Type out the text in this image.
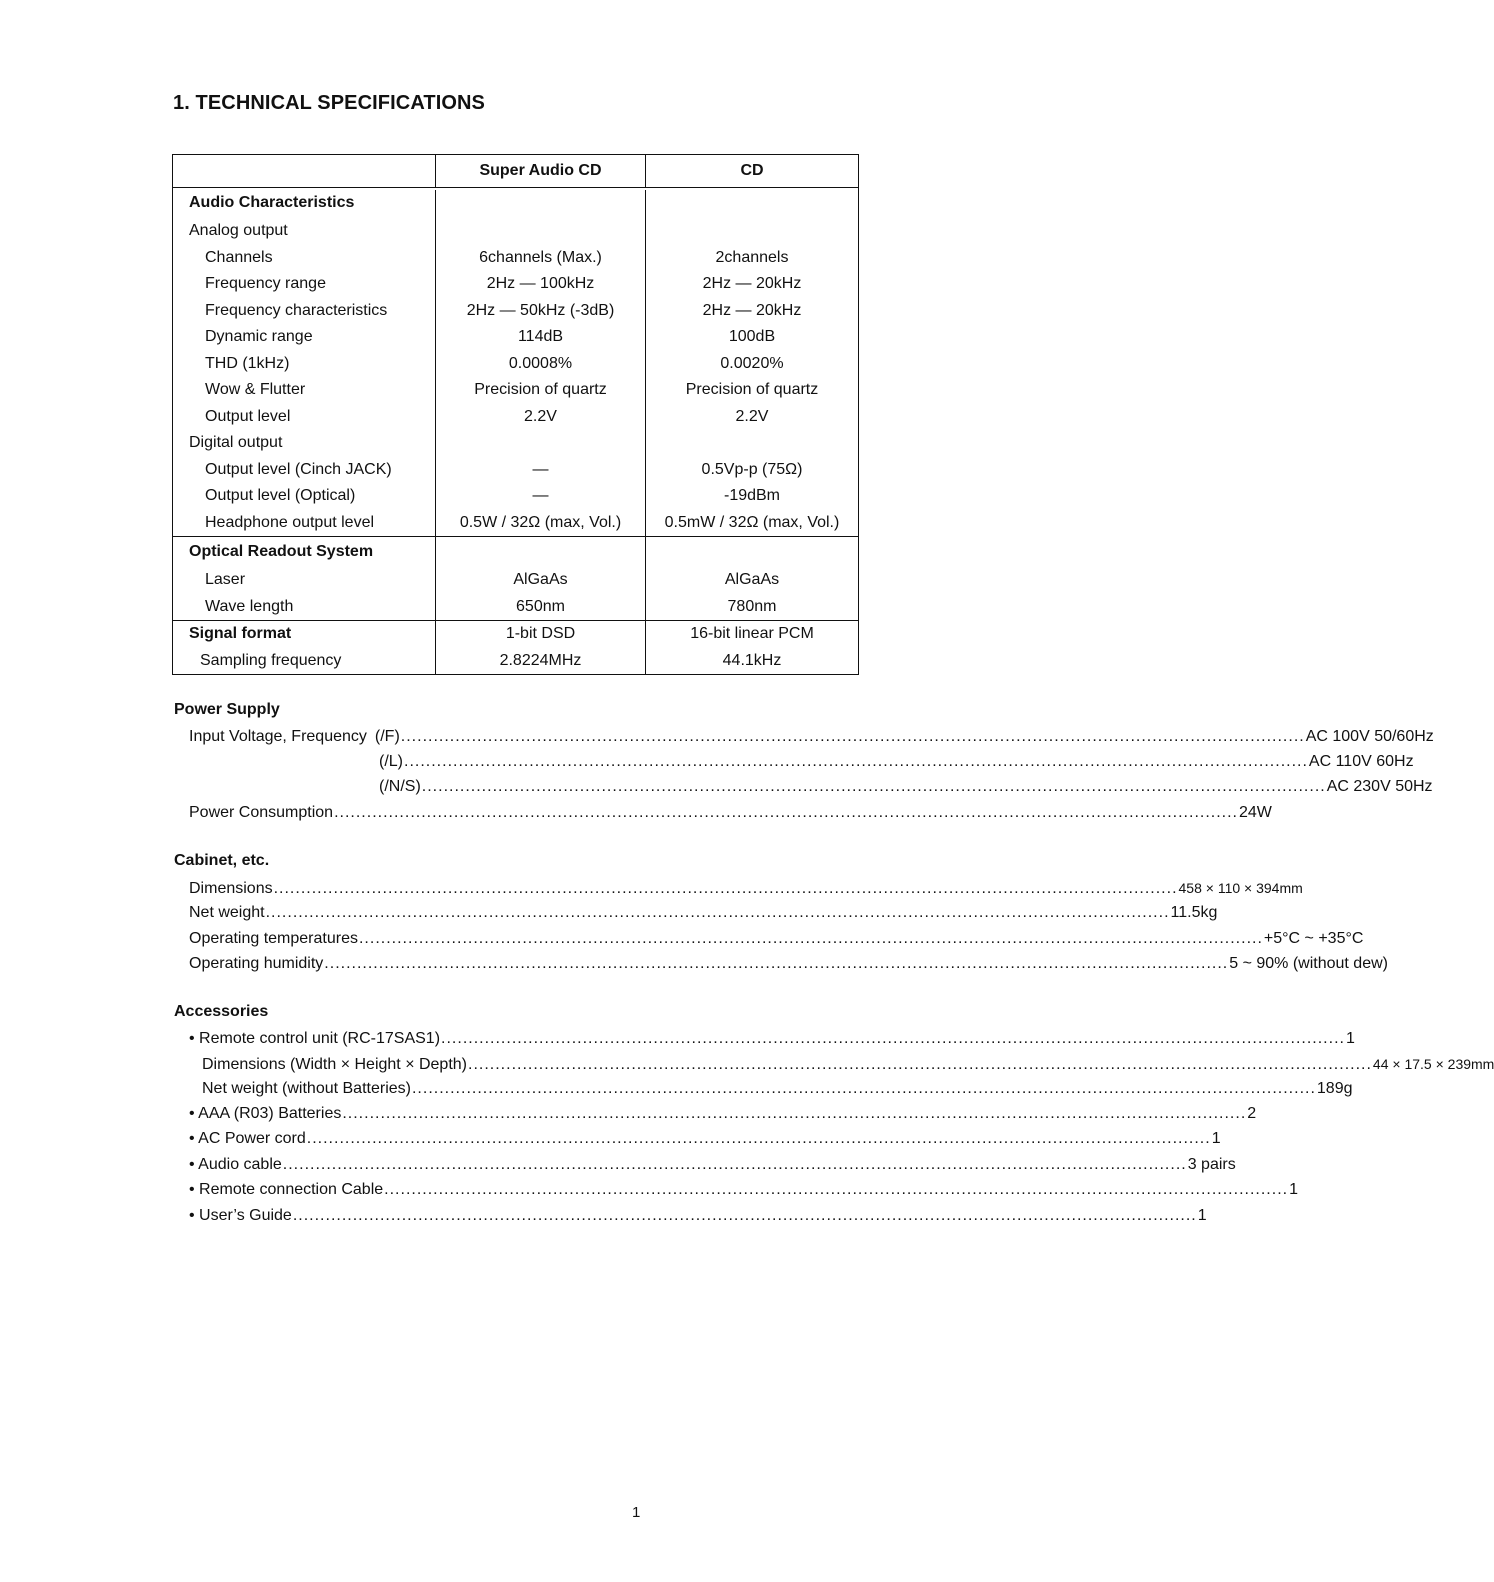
1. TECHNICAL SPECIFICATIONS
Super Audio CD	CD
Audio Characteristics
Analog output
Channels
Frequency range
Frequency characteristics
Dynamic range
THD (1kHz)
Wow & Flutter
Output level
Digital output
Output level (Cinch JACK)
Output level (Optical)
Headphone output level
6channels (Max.)
2Hz — 100kHz
2Hz — 50kHz (-3dB)
114dB
0.0008%
Precision of quartz
2.2V
—
—
0.5W / 32Ω (max, Vol.)
2channels
2Hz — 20kHz
2Hz — 20kHz
100dB
0.0020%
Precision of quartz
2.2V
0.5Vp-p (75Ω)
-19dBm
0.5mW / 32Ω (max, Vol.)
Optical Readout System
Laser
Wave length
AlGaAs
650nm
AlGaAs
780nm
Signal format
Sampling frequency
1-bit DSD
2.8224MHz
16-bit linear PCM
44.1kHz
Power Supply
Input Voltage, Frequency (/F) ...................................................................................................................................................................... AC 100V 50/60Hz
(/L) ...................................................................................................................................................................... AC 110V 60Hz
(/N/S) ...................................................................................................................................................................... AC 230V 50Hz
Power Consumption ...................................................................................................................................................................... 24W
Cabinet, etc.
Dimensions ...................................................................................................................................................................... 458 × 110 × 394mm
Net weight ...................................................................................................................................................................... 11.5kg
Operating temperatures ...................................................................................................................................................................... +5°C ~ +35°C
Operating humidity ...................................................................................................................................................................... 5 ~ 90% (without dew)
Accessories
• Remote control unit (RC-17SAS1) ...................................................................................................................................................................... 1
Dimensions (Width × Height × Depth) ...................................................................................................................................................................... 44 × 17.5 × 239mm
Net weight (without Batteries) ...................................................................................................................................................................... 189g
• AAA (R03) Batteries ...................................................................................................................................................................... 2
• AC Power cord ...................................................................................................................................................................... 1
• Audio cable ...................................................................................................................................................................... 3 pairs
• Remote connection Cable ...................................................................................................................................................................... 1
• User’s Guide ...................................................................................................................................................................... 1
1
